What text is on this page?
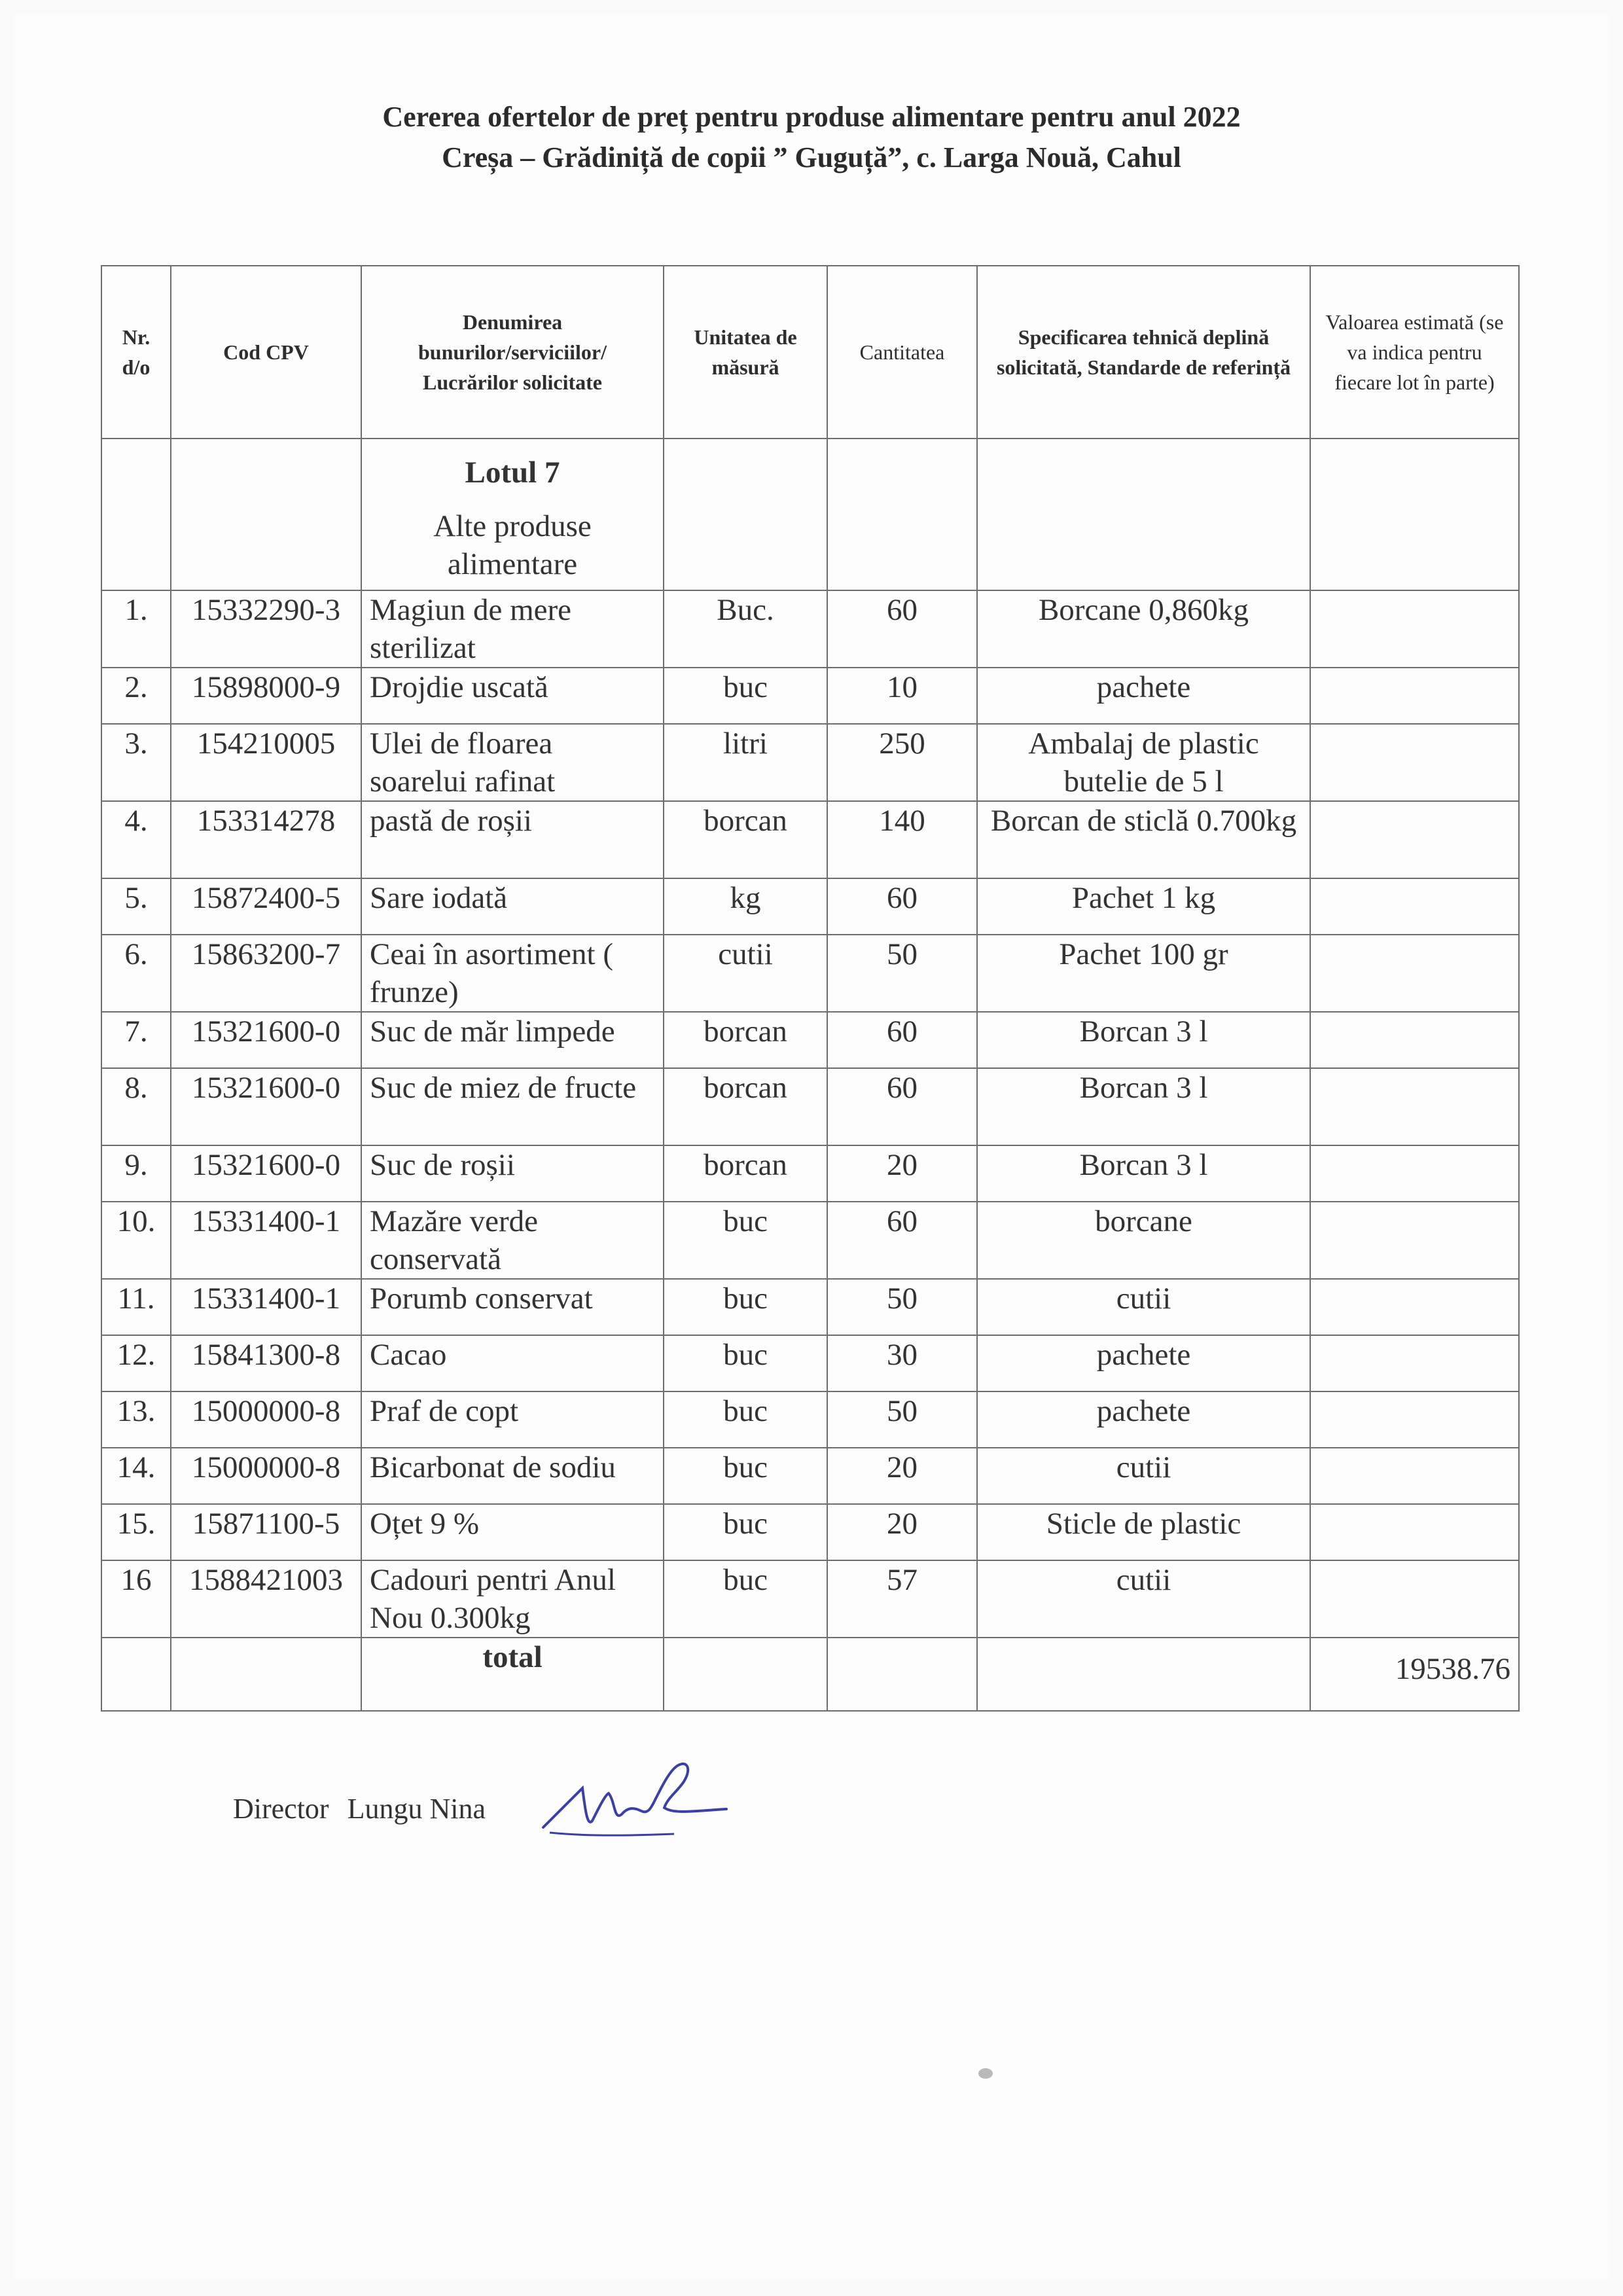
Cererea ofertelor de preț pentru produse alimentare pentru anul 2022
Creșa – Grădiniță de copii ” Guguță”, c. Larga Nouă, Cahul
Nr. d/o	Cod CPV	Denumirea bunurilor/serviciilor/ Lucrărilor solicitate	Unitatea de măsură	Cantitatea	Specificarea tehnică deplină solicitată, Standarde de referință	Valoarea estimată (se va indica pentru fiecare lot în parte)

		Lotul 7
Alte produse alimentare				

1.	15332290-3	Magiun de mere sterilizat	Buc.	60	Borcane 0,860kg	
2.	15898000-9	Drojdie uscată	buc	10	pachete	
3.	154210005	Ulei de floarea soarelui rafinat	litri	250	Ambalaj de plastic butelie de 5 l	
4.	153314278	pastă de roșii	borcan	140	Borcan de sticlă 0.700kg	
5.	15872400-5	Sare iodată	kg	60	Pachet 1 kg	
6.	15863200-7	Ceai în asortiment ( frunze)	cutii	50	Pachet 100 gr	
7.	15321600-0	Suc de măr limpede	borcan	60	Borcan 3 l	
8.	15321600-0	Suc de miez de fructe	borcan	60	Borcan 3 l	
9.	15321600-0	Suc de roșii	borcan	20	Borcan 3 l	
10.	15331400-1	Mazăre verde conservată	buc	60	borcane	
11.	15331400-1	Porumb conservat	buc	50	cutii	
12.	15841300-8	Cacao	buc	30	pachete	
13.	15000000-8	Praf de copt	buc	50	pachete	
14.	15000000-8	Bicarbonat de sodiu	buc	20	cutii	
15.	15871100-5	Oțet 9 %	buc	20	Sticle de plastic	
16	1588421003	Cadouri pentri Anul Nou 0.300kg	buc	57	cutii	
		total				19538.76
Director Lungu Nina
